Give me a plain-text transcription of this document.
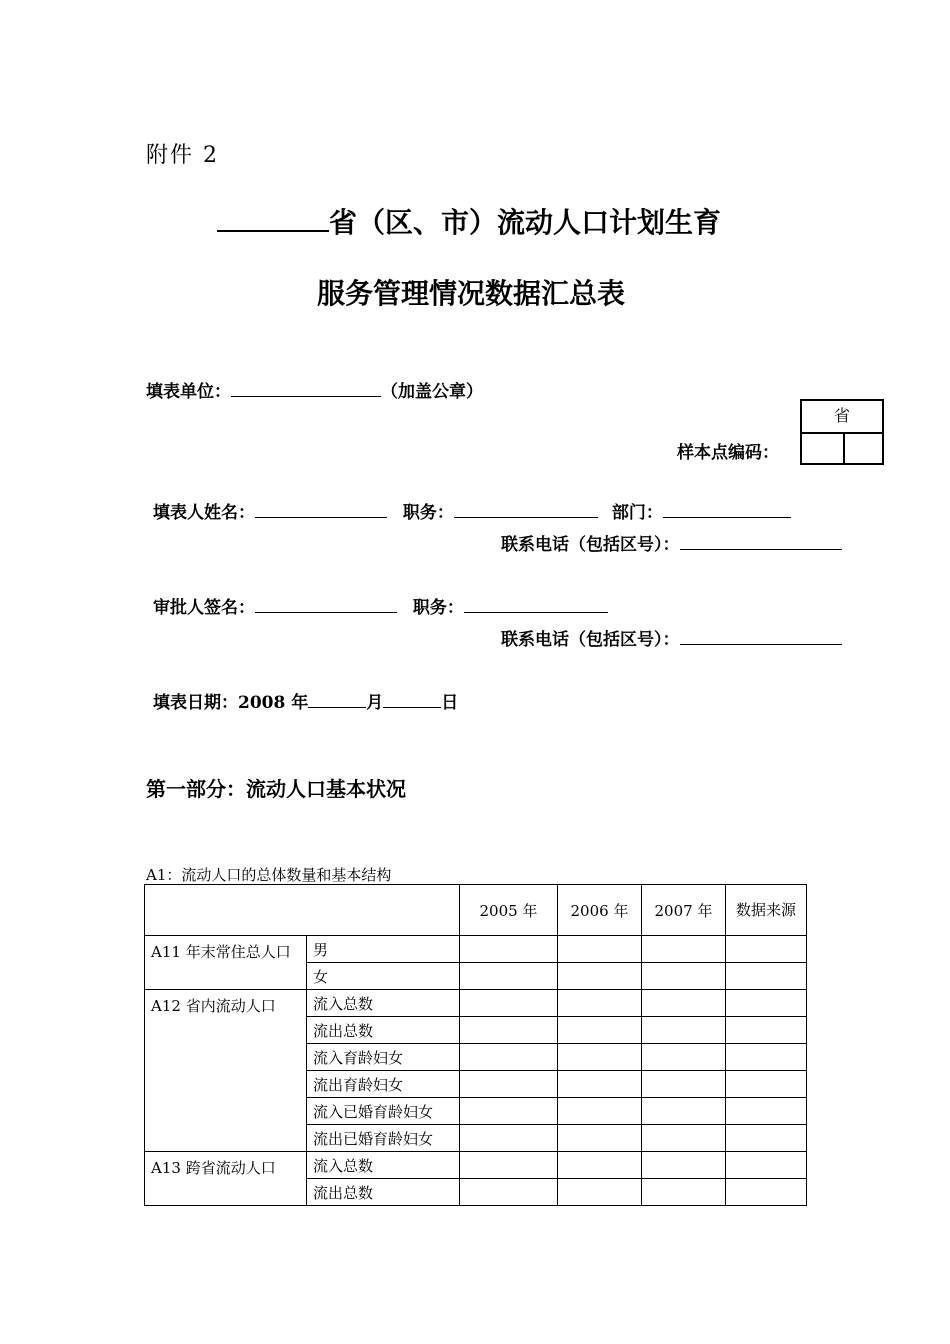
附件 2
省（区、市）流动人口计划生育
服务管理情况数据汇总表
填表单位：	（加盖公章）
样本点编码：
省
填表人姓名：	职务：	部门：
联系电话（包括区号）：
审批人签名：	职务：
联系电话（包括区号）：
填表日期：2008 年	月	日
第一部分：流动人口基本状况
A1：流动人口的总体数量和基本结构
		2005 年	2006 年	2007 年	数据来源
A11 年末常住总人口	男				
	女				
A12 省内流动人口	流入总数				
	流出总数				
	流入育龄妇女				
	流出育龄妇女				
	流入已婚育龄妇女				
	流出已婚育龄妇女				
A13 跨省流动人口	流入总数				
	流出总数				
